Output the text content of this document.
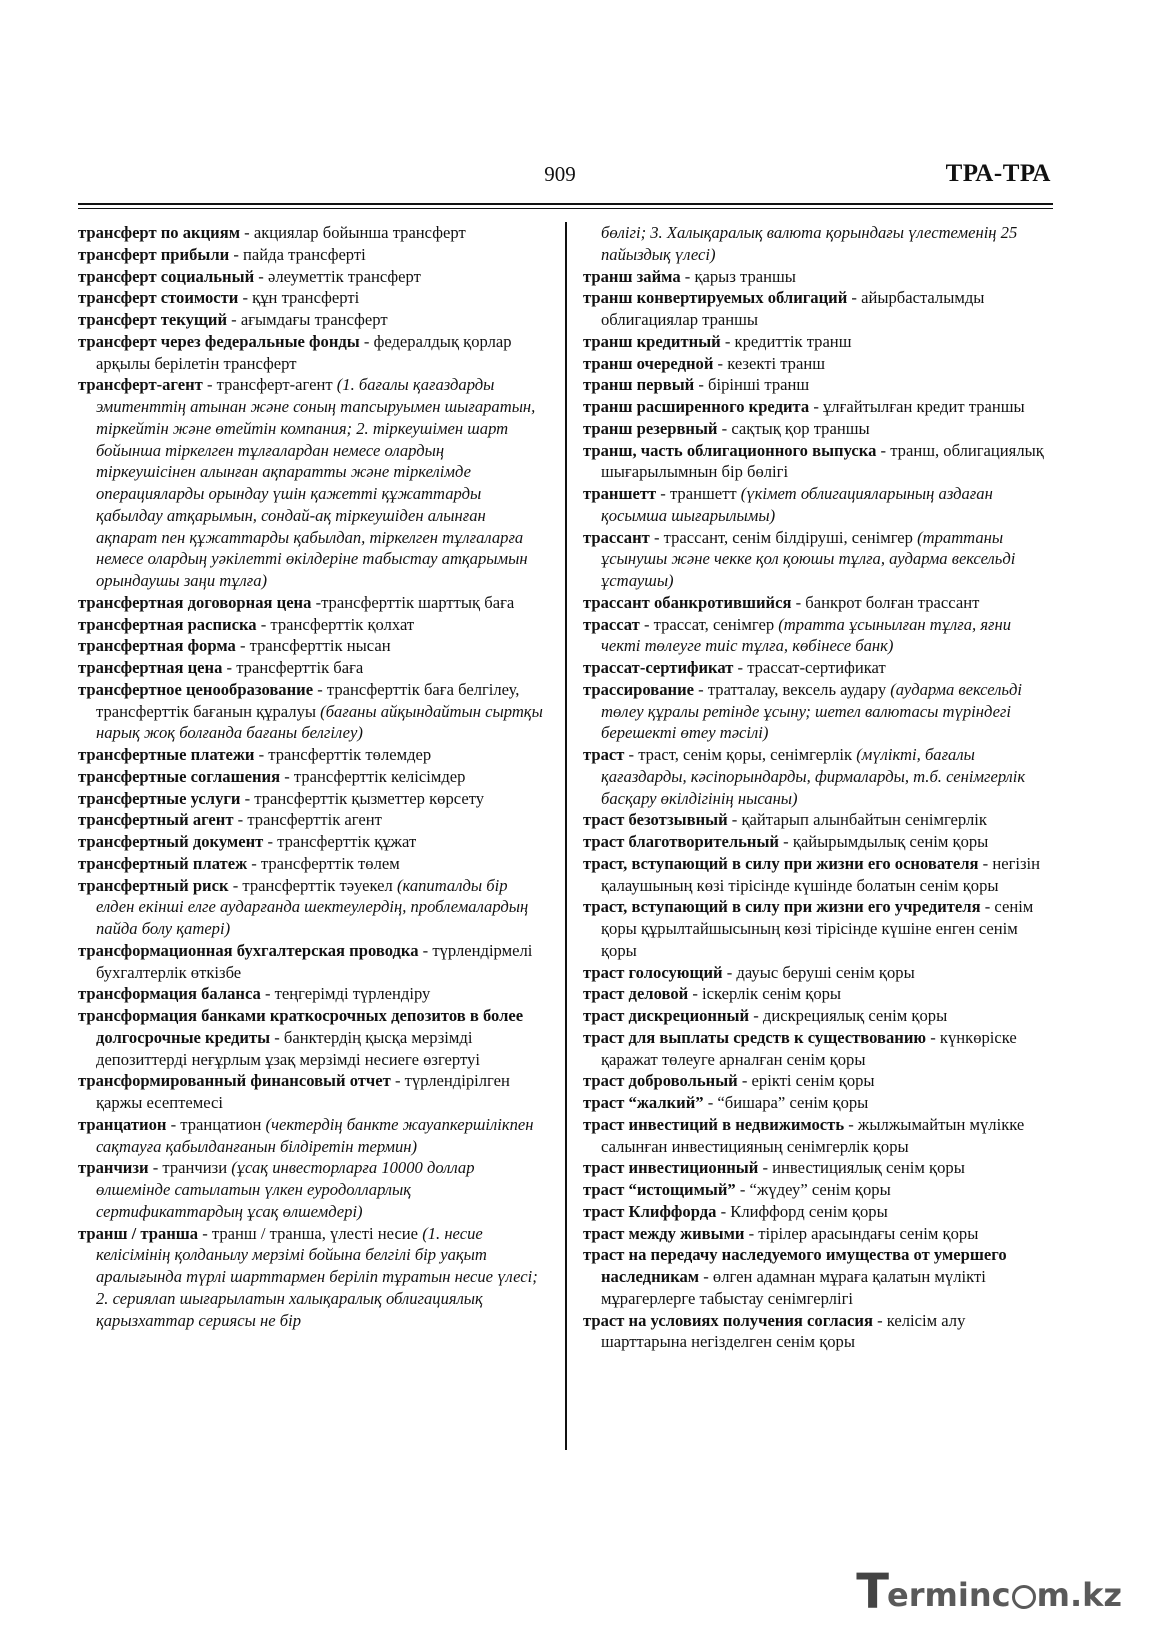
909	ТРА-ТРА

трансферт по акциям - акциялар бойынша трансферт

трансферт прибыли - пайда трансферті

трансферт социальный - әлеуметтік трансферт

трансферт стоимости - құн трансферті

трансферт текущий - ағымдағы трансферт

трансферт через федеральные фонды - федералдық қорлар арқылы берілетін трансферт

трансферт-агент - трансферт-агент (1. бағалы қағаздарды эмитенттің атынан және соның тапсыруымен шығаратын, тіркейтін және өтейтін компания; 2. тіркеушімен шарт бойынша тіркелген тұлғалардан немесе олардың тіркеушісінен алынған ақпаратты және тіркелімде операцияларды орындау үшін қажетті құжаттарды қабылдау атқарымын, сондай-ақ тіркеушіден алынған ақпарат пен құжаттарды қабылдап, тіркелген тұлғаларға немесе олардың уәкілетті өкілдеріне табыстау атқарымын орындаушы заңи тұлға)

трансфертная договорная цена -трансферттік шарттық баға

трансфертная расписка - трансферттік қолхат

трансфертная форма - трансферттік нысан

трансфертная цена - трансферттік баға

трансфертное ценообразование - трансферттік баға белгілеу, трансферттік бағанын құралуы (бағаны айқындайтын сыртқы нарық жоқ болғанда бағаны белгілеу)

трансфертные платежи - трансферттік төлемдер

трансфертные соглашения - трансферттік келісімдер

трансфертные услуги - трансферттік қызметтер көрсету

трансфертный агент - трансферттік агент

трансфертный документ - трансферттік құжат

трансфертный платеж - трансферттік төлем

трансфертный риск - трансферттік тәуекел (капиталды бір елден екінші елге аударғанда шектеулердің, проблемалардың пайда болу қатері)

трансформационная бухгалтерская проводка - түрлендірмелі бухгалтерлік өткізбе

трансформация баланса - теңгерімді түрлендіру

трансформация банками краткосрочных депозитов в более долгосрочные кредиты - банктердің қысқа мерзімді депозиттерді неғұрлым ұзақ мерзімді несиеге өзгертуі

трансформированный финансовый отчет - түрлендірілген қаржы есептемесі

транцатион - транцатион (чектердің банкте жауапкершілікпен сақтауға қабылданғанын білдіретін термин)

транчизи - транчизи (ұсақ инвесторларға 10000 доллар өлшемінде сатылатын үлкен еуродолларлық сертификаттардың ұсақ өлшемдері)

транш / транша - транш / транша, үлесті несие (1. несие келісімінің қолданылу мерзімі бойына белгілі бір уақыт аралығында түрлі шарттармен беріліп тұратын несие үлесі; 2. сериялап шығарылатын халықаралық облигациялық қарызхаттар сериясы не бір

бөлігі; 3. Халықаралық валюта қорындағы үлестеменің 25 пайыздық үлесі)

транш займа - қарыз траншы

транш конвертируемых облигаций - айырбасталымды облигациялар траншы

транш кредитный - кредиттік транш

транш очередной - кезекті транш

транш первый - бірінші транш

транш расширенного кредита - ұлғайтылған кредит траншы

транш резервный - сақтық қор траншы

транш, часть облигационного выпуска - транш, облигациялық шығарылымнын бір бөлігі

траншетт - траншетт (үкімет облигацияларының аздаған қосымша шығарылымы)

трассант - трассант, сенім білдіруші, сенімгер (траттаны ұсынушы және чекке қол қоюшы тұлға, аударма вексельді ұстаушы)

трассант обанкротившийся - банкрот болған трассант

трассат - трассат, сенімгер (тратта ұсынылған тұлға, яғни чекті төлеуге тиіс тұлға, көбінесе банк)

трассат-сертификат - трассат-сертификат

трассирование - тратталау, вексель аудару (аударма вексельді төлеу құралы ретінде ұсыну; шетел валютасы түріндегі берешекті өтеу тәсілі)

траст - траст, сенім қоры, сенімгерлік (мүлікті, бағалы қағаздарды, кәсіпорындарды, фирмаларды, т.б. сенімгерлік басқару өкілдігінің нысаны)

траст безотзывный - қайтарып алынбайтын сенімгерлік

траст благотворительный - қайырымдылық сенім қоры

траст, вступающий в силу при жизни его основателя - негізін қалаушының көзі тірісінде күшінде болатын сенім қоры

траст, вступающий в силу при жизни его учредителя - сенім қоры құрылтайшысының көзі тірісінде күшіне енген сенім қоры

траст голосующий - дауыс беруші сенім қоры

траст деловой - іскерлік сенім қоры

траст дискреционный - дискрециялық сенім қоры

траст для выплаты средств к существованию - күнкөріске қаражат төлеуге арналған сенім қоры

траст добровольный - ерікті сенім қоры

траст “жалкий” - “бишара” сенім қоры

траст инвестиций в недвижимость - жылжымайтын мүлікке салынған инвестицияның сенімгерлік қоры

траст инвестиционный - инвестициялық сенім қоры

траст “истощимый” - “жүдеу” сенім қоры

траст Клиффорда - Клиффорд сенім қоры

траст между живыми - тірілер арасындағы сенім қоры

траст на передачу наследуемого имущества от умершего наследникам - өлген адамнан мұраға қалатын мүлікті мұрагерлерге табыстау сенімгерлігі

траст на условиях получения согласия - келісім алу шарттарына негізделген сенім қоры

T
ermin c m.kz
